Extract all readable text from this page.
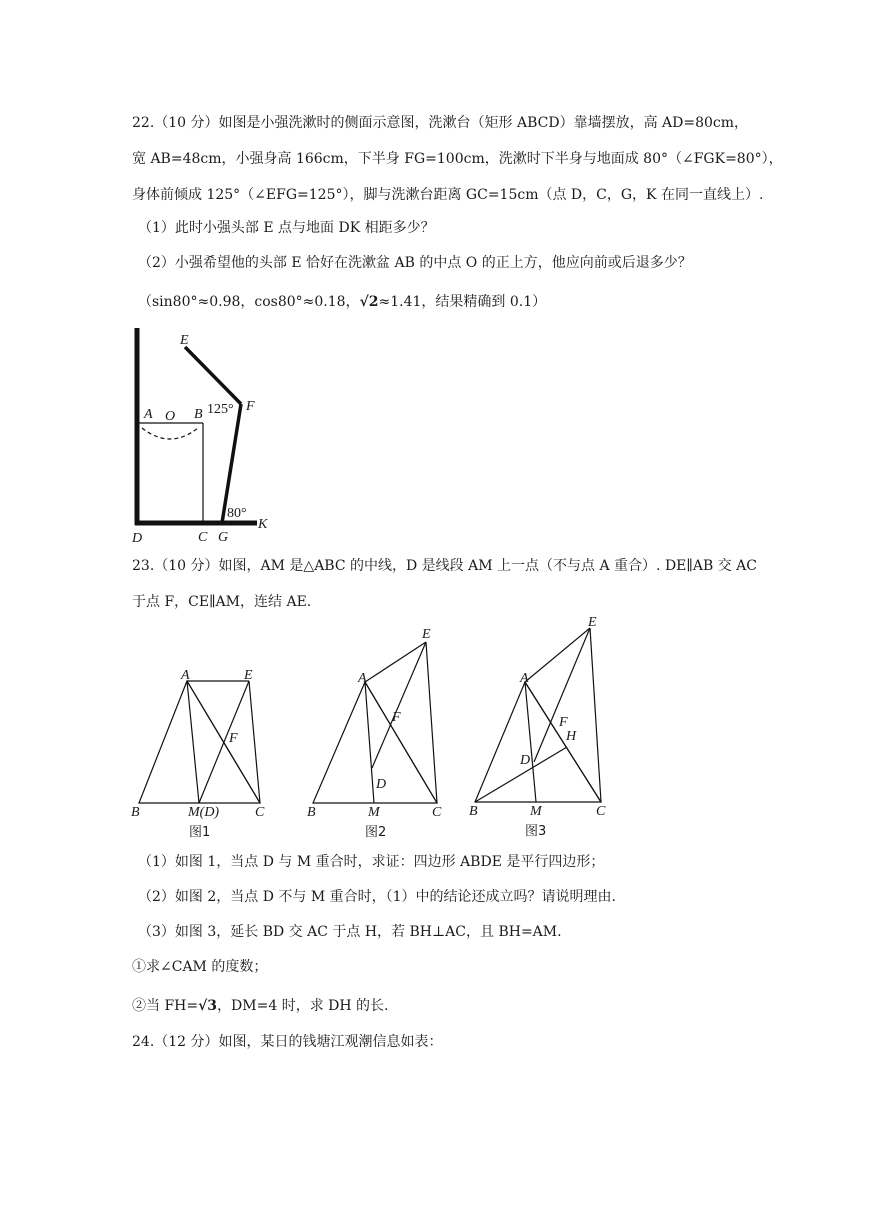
22.（10 分）如图是小强洗漱时的侧面示意图，洗漱台（矩形 ABCD）靠墙摆放，高 AD=80cm，
宽 AB=48cm，小强身高 166cm，下半身 FG=100cm，洗漱时下半身与地面成 80°（∠FGK=80°），
身体前倾成 125°（∠EFG=125°），脚与洗漱台距离 GC=15cm（点 D，C，G，K 在同一直线上）.
（1）此时小强头部 E 点与地面 DK 相距多少？
（2）小强希望他的头部 E 恰好在洗漱盆 AB 的中点 O 的正上方，他应向前或后退多少？
（sin80°≈0.98，cos80°≈0.18，√2≈1.41，结果精确到 0.1）
E
F
A O B 125°
80°
K
D	C G
23.（10 分）如图，AM 是△ABC 的中线，D 是线段 AM 上一点（不与点 A 重合）. DE∥AB 交 AC
于点 F，CE∥AM，连结 AE.
A	E
F
B	M(D)	C
图1
E
A
F
D
B	M	C
图2
E
A
F
H
D
B	M	C
图3
（1）如图 1，当点 D 与 M 重合时，求证：四边形 ABDE 是平行四边形；
（2）如图 2，当点 D 不与 M 重合时，（1）中的结论还成立吗？请说明理由.
（3）如图 3，延长 BD 交 AC 于点 H，若 BH⊥AC，且 BH=AM.
①求∠CAM 的度数；
②当 FH=√3，DM=4 时，求 DH 的长.
24.（12 分）如图，某日的钱塘江观潮信息如表：
